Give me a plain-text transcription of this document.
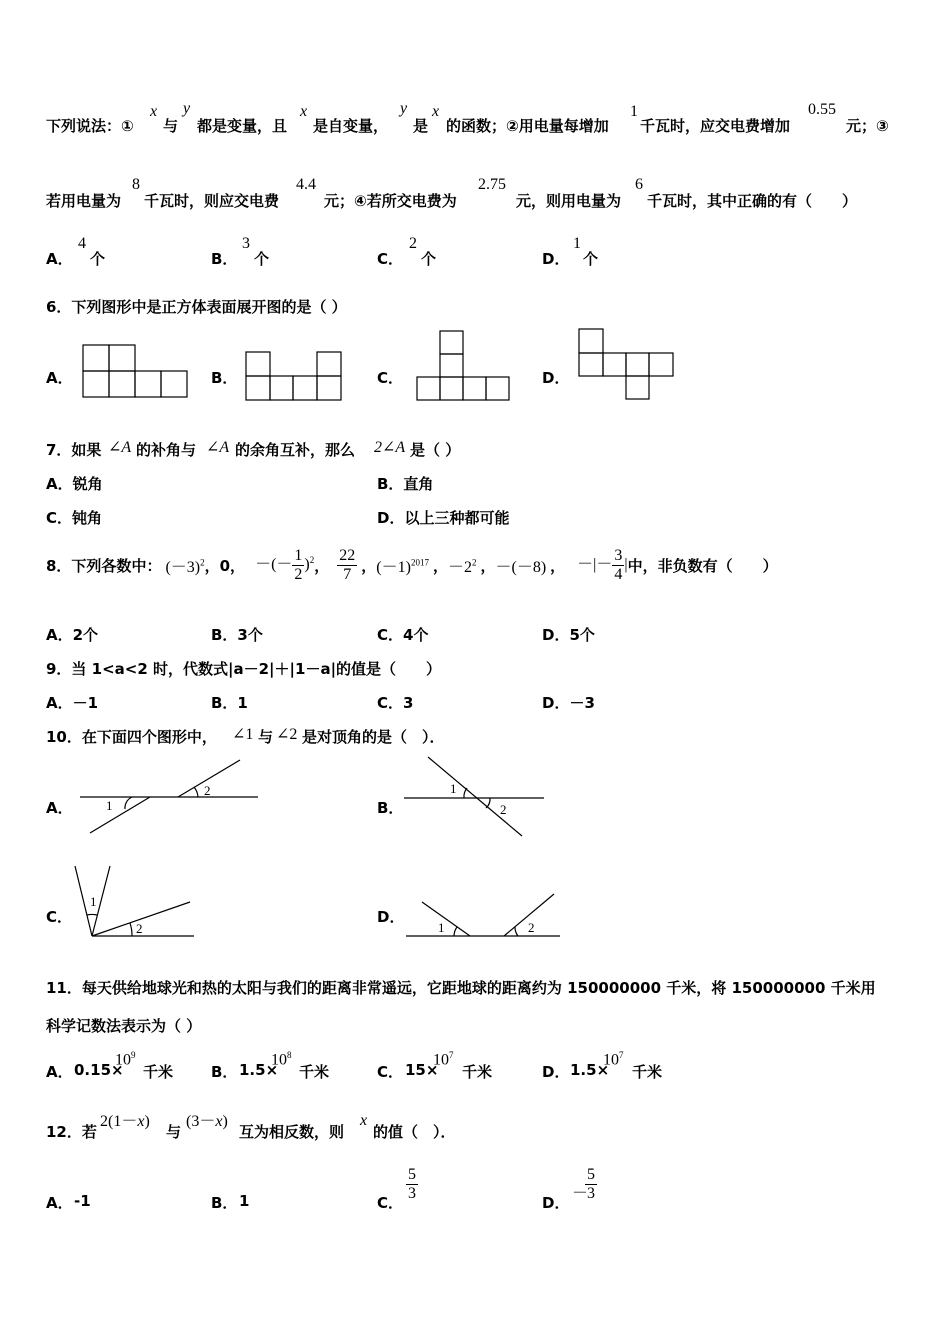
下列说法：①
x
与
y
都是变量，且
x
是自变量，
y
是
x
的函数；②用电量每增加
1
千瓦时，应交电费增加
0.55
元；③
若用电量为
8
千瓦时，则应交电费
4.4
元；④若所交电费为
2.75
元，则用电量为
6
千瓦时，其中正确的有（　　）
A．
4
个	B．
3
个	C．
2
个	D．
1
个
6．下列图形中是正方体表面展开图的是（ ）
A．	B．	C．	D．
7．如果 ∠A 的补角与 ∠A 的余角互补，那么 2∠A 是（ ）
A．锐角	B．直角
C．钝角	D．以上三种都可能
8．下列各数中： $(-3)^2$ ，0， －(－ $\frac{1}{2} )^2$ ， $\frac{22}{7}$ ， $(-1)^{2017}$ ， $-2^2$ ， －(－8) ， －|－ $\frac{3}{4}$ | 中，非负数有（　　）
A．2个	B．3个	C．4个	D．5个
9．当 1<a<2 时，代数式|a－2|＋|1－a|的值是（　　）
A．－1	B．1	C．3	D．－3
10．在下面四个图形中， ∠1 与 ∠2 是对顶角的是（　）．
A．	1
2
B．
1
2
C．
1
2
D．
1	2
11．每天供给地球光和热的太阳与我们的距离非常遥远，它距地球的距离约为 150000000 千米，将 150000000 千米用
科学记数法表示为（ ）
A． 0.15×
$10^9$
千米	B． 1.5×
$10^8$
千米	C． 15×
$10^7$
千米	D． 1.5×
$10^7$
千米
12．若
2(1－x)
与
(3－x)
互为相反数，则
x
的值（　）．
A． -1	B． 1	C． $\frac{5}{3}$	D．
－
$\frac{5}{3}$
